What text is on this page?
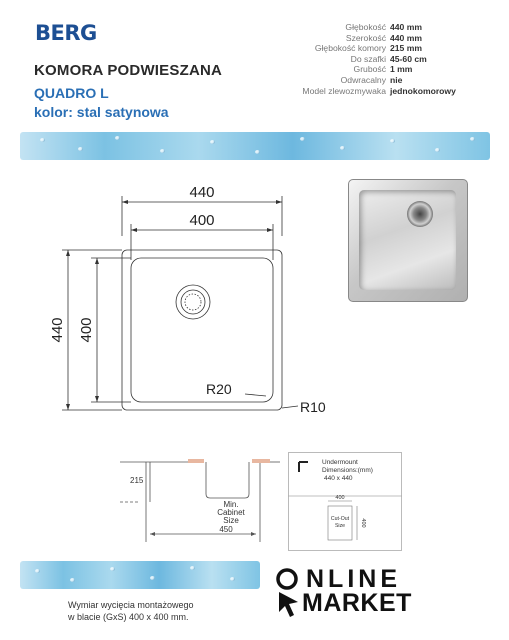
BERG
KOMORA PODWIESZANA
QUADRO L
kolor: stal satynowa
Głębokość 440 mm
Szerokość 440 mm
Głębokość komory 215 mm
Do szafki 45-60 cm
Grubość 1 mm
Odwracalny nie
Model zlewozmywaka jednokomorowy
440
400
440 400
R20
R10
215
Min.
Cabinet
Size
450
Undermount
Dimensions:(mm)
440 x 440
400
Cut-Out
Size	400
Wymiar wycięcia montażowego
w blacie (GxS) 400 x 400 mm.
NLINE
MARKET
